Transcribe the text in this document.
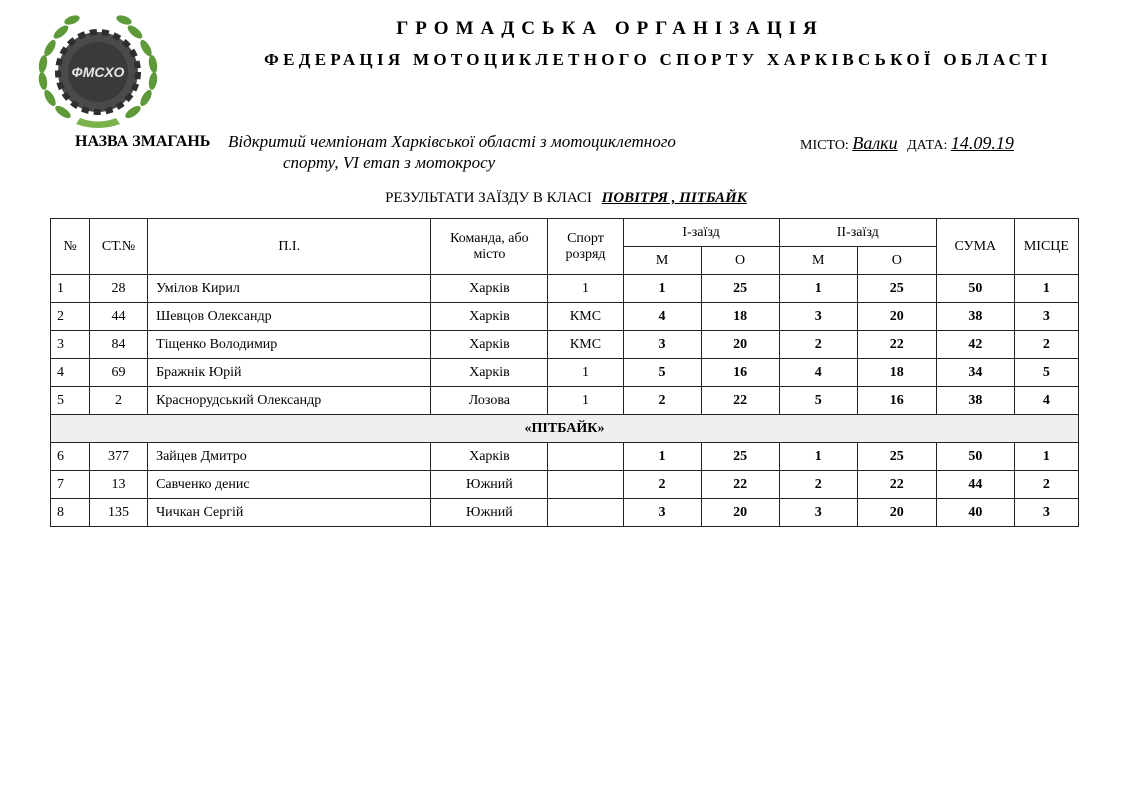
ФМСХО
ГРОМАДСЬКА ОРГАНІЗАЦІЯ
ФЕДЕРАЦІЯ МОТОЦИКЛЕТНОГО СПОРТУ ХАРКІВСЬКОЇ ОБЛАСТІ
НАЗВА ЗМАГАНЬ Відкритий чемпіонат Харківської області з мотоциклетного
спорту, VI етап з мотокросу
МІСТО: Валки ДАТА: 14.09.19
РЕЗУЛЬТАТИ ЗАЇЗДУ В КЛАСІ ПОВІТРЯ , ПІТБАЙК
№	СТ.№	П.І.	Команда, або місто	Спорт розряд	І-заїзд		ІІ-заїзд		СУМА	МІСЦЕ
					М	О	М	О		
1	28	Умілов Кирил	Харків	1	1	25	1	25	50	1
2	44	Шевцов Олександр	Харків	КМС	4	18	3	20	38	3
3	84	Тіщенко Володимир	Харків	КМС	3	20	2	22	42	2
4	69	Бражнік Юрій	Харків	1	5	16	4	18	34	5
5	2	Краснорудський Олександр	Лозова	1	2	22	5	16	38	4
«ПІТБАЙК»										
6	377	Зайцев Дмитро	Харків		1	25	1	25	50	1
7	13	Савченко денис	Южний		2	22	2	22	44	2
8	135	Чичкан Сергій	Южний		3	20	3	20	40	3
